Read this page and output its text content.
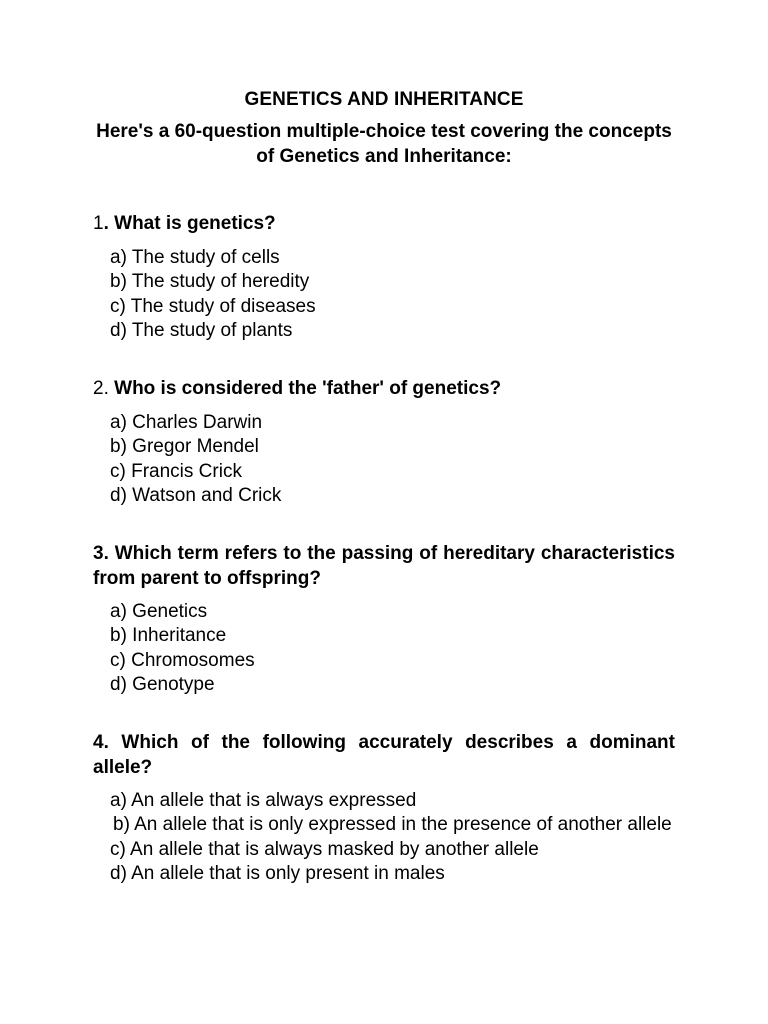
GENETICS AND INHERITANCE
Here's a 60-question multiple-choice test covering the concepts of Genetics and Inheritance:
1. What is genetics?
a) The study of cells
b) The study of heredity
c) The study of diseases
d) The study of plants
2. Who is considered the 'father' of genetics?
a) Charles Darwin
b) Gregor Mendel
c) Francis Crick
d) Watson and Crick
3. Which term refers to the passing of hereditary characteristics from parent to offspring?
a) Genetics
b) Inheritance
c) Chromosomes
d) Genotype
4. Which of the following accurately describes a dominant allele?
a) An allele that is always expressed
b) An allele that is only expressed in the presence of another allele
c) An allele that is always masked by another allele
d) An allele that is only present in males
